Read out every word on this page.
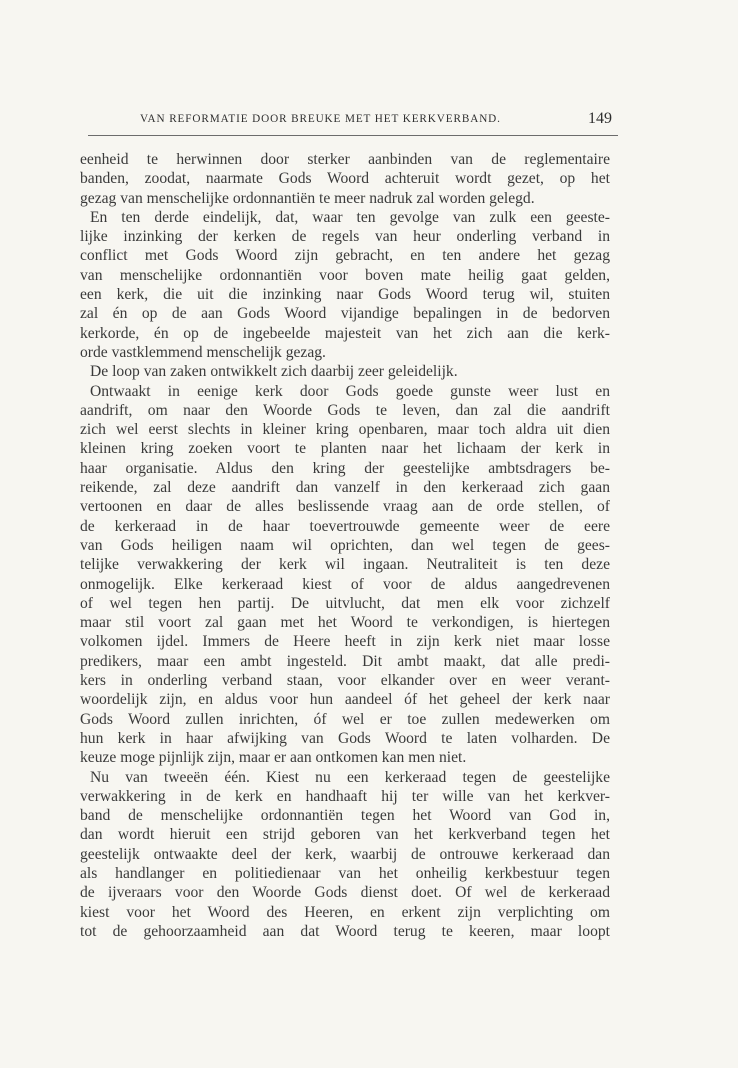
VAN REFORMATIE DOOR BREUKE MET HET KERKVERBAND.	149
eenheid te herwinnen door sterker aanbinden van de reglementaire
banden, zoodat, naarmate Gods Woord achteruit wordt gezet, op het
gezag van menschelijke ordonnantiën te meer nadruk zal worden gelegd.
En ten derde eindelijk, dat, waar ten gevolge van zulk een geeste-
lijke inzinking der kerken de regels van heur onderling verband in
conflict met Gods Woord zijn gebracht, en ten andere het gezag
van menschelijke ordonnantiën voor boven mate heilig gaat gelden,
een kerk, die uit die inzinking naar Gods Woord terug wil, stuiten
zal én op de aan Gods Woord vijandige bepalingen in de bedorven
kerkorde, én op de ingebeelde majesteit van het zich aan die kerk-
orde vastklemmend menschelijk gezag.
De loop van zaken ontwikkelt zich daarbij zeer geleidelijk.
Ontwaakt in eenige kerk door Gods goede gunste weer lust en
aandrift, om naar den Woorde Gods te leven, dan zal die aandrift
zich wel eerst slechts in kleiner kring openbaren, maar toch aldra uit dien
kleinen kring zoeken voort te planten naar het lichaam der kerk in
haar organisatie. Aldus den kring der geestelijke ambtsdragers be-
reikende, zal deze aandrift dan vanzelf in den kerkeraad zich gaan
vertoonen en daar de alles beslissende vraag aan de orde stellen, of
de kerkeraad in de haar toevertrouwde gemeente weer de eere
van Gods heiligen naam wil oprichten, dan wel tegen de gees-
telijke verwakkering der kerk wil ingaan. Neutraliteit is ten deze
onmogelijk. Elke kerkeraad kiest of voor de aldus aangedrevenen
of wel tegen hen partij. De uitvlucht, dat men elk voor zichzelf
maar stil voort zal gaan met het Woord te verkondigen, is hiertegen
volkomen ijdel. Immers de Heere heeft in zijn kerk niet maar losse
predikers, maar een ambt ingesteld. Dit ambt maakt, dat alle predi-
kers in onderling verband staan, voor elkander over en weer verant-
woordelijk zijn, en aldus voor hun aandeel óf het geheel der kerk naar
Gods Woord zullen inrichten, óf wel er toe zullen medewerken om
hun kerk in haar afwijking van Gods Woord te laten volharden. De
keuze moge pijnlijk zijn, maar er aan ontkomen kan men niet.
Nu van tweeën één. Kiest nu een kerkeraad tegen de geestelijke
verwakkering in de kerk en handhaaft hij ter wille van het kerkver-
band de menschelijke ordonnantiën tegen het Woord van God in,
dan wordt hieruit een strijd geboren van het kerkverband tegen het
geestelijk ontwaakte deel der kerk, waarbij de ontrouwe kerkeraad dan
als handlanger en politiedienaar van het onheilig kerkbestuur tegen
de ijveraars voor den Woorde Gods dienst doet. Of wel de kerkeraad
kiest voor het Woord des Heeren, en erkent zijn verplichting om
tot de gehoorzaamheid aan dat Woord terug te keeren, maar loopt
